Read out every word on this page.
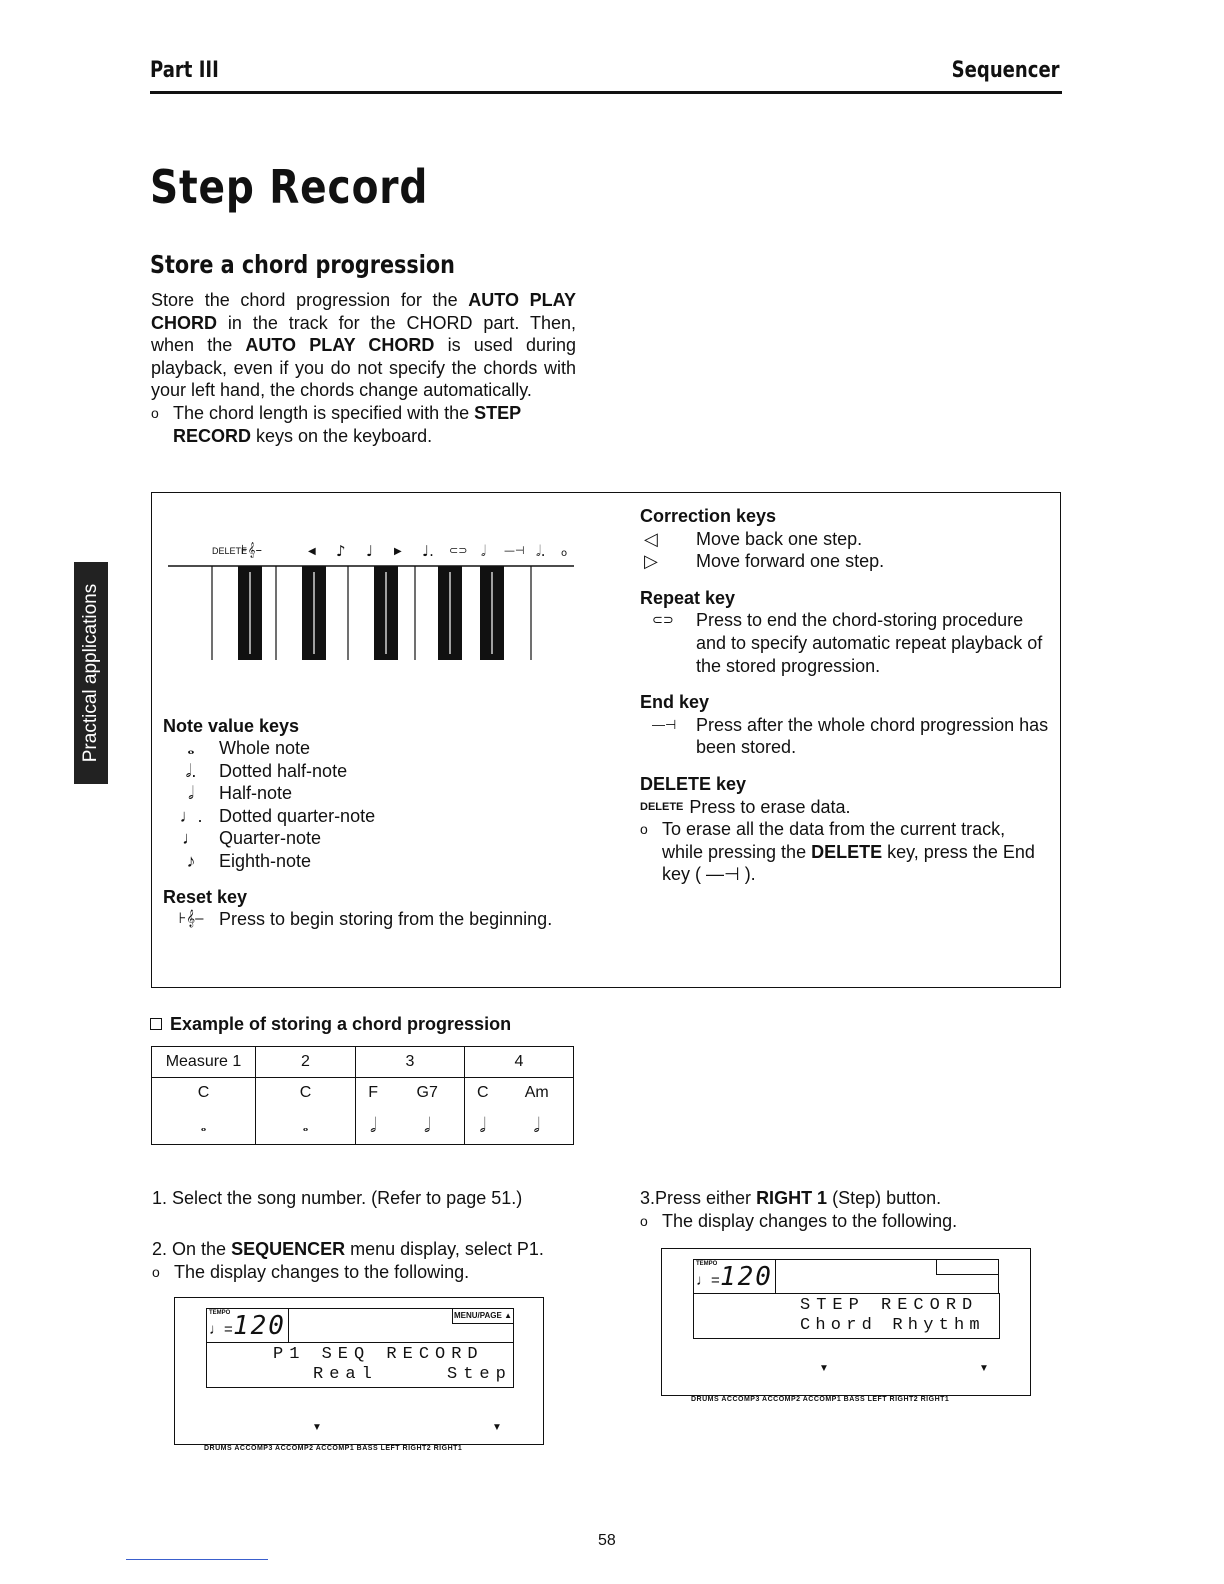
Part III	Sequencer
Step Record
Store a chord progression
Store the chord progression for the AUTO PLAY CHORD in the track for the CHORD part. Then, when the AUTO PLAY CHORD is used during playback, even if you do not specify the chords with your left hand, the chords change automatically.
o The chord length is specified with the STEP RECORD keys on the keyboard.
Practical applications
DELETE
⊦𝄞–	◀ ♪ ♩ ▶ ♩. ⊂⊃ 𝅗𝅥 —⊣ 𝅗𝅥. o
Note value keys
𝅝	Whole note
𝅗𝅥.	Dotted half-note
𝅗𝅥	Half-note
♩. Dotted quarter-note
♩	Quarter-note
♪	Eighth-note
Reset key
⊦𝄞– Press to begin storing from the beginning.
Correction keys
◁	Move back one step.
▷	Move forward one step.
Repeat key
⊂⊃	Press to end the chord-storing procedure and to specify automatic repeat playback of the stored progression.
End key
—⊣	Press after the whole chord progression has been stored.
DELETE key
DELETE Press to erase data.
o To erase all the data from the current track, while pressing the DELETE key, press the End key ( —⊣ ).
Example of storing a chord progression
Measure 1	2	3		4	
C	C	F	G7	C	Am
𝅝	𝅝	𝅗𝅥	𝅗𝅥	𝅗𝅥	𝅗𝅥
1. Select the song number. (Refer to page 51.)
2. On the SEQUENCER menu display, select P1.
o The display changes to the following.
TEMPO
♩= 120	MENU/PAGE ▲
P1 SEQ RECORD
Real	Step
▼	▼
DRUMS ACCOMP3 ACCOMP2 ACCOMP1 BASS LEFT RIGHT2 RIGHT1
3.Press either RIGHT 1 (Step) button.
o The display changes to the following.
TEMPO
♩= 120
STEP RECORD
Chord Rhythm
▼	▼
DRUMS ACCOMP3 ACCOMP2 ACCOMP1 BASS LEFT RIGHT2 RIGHT1
58
